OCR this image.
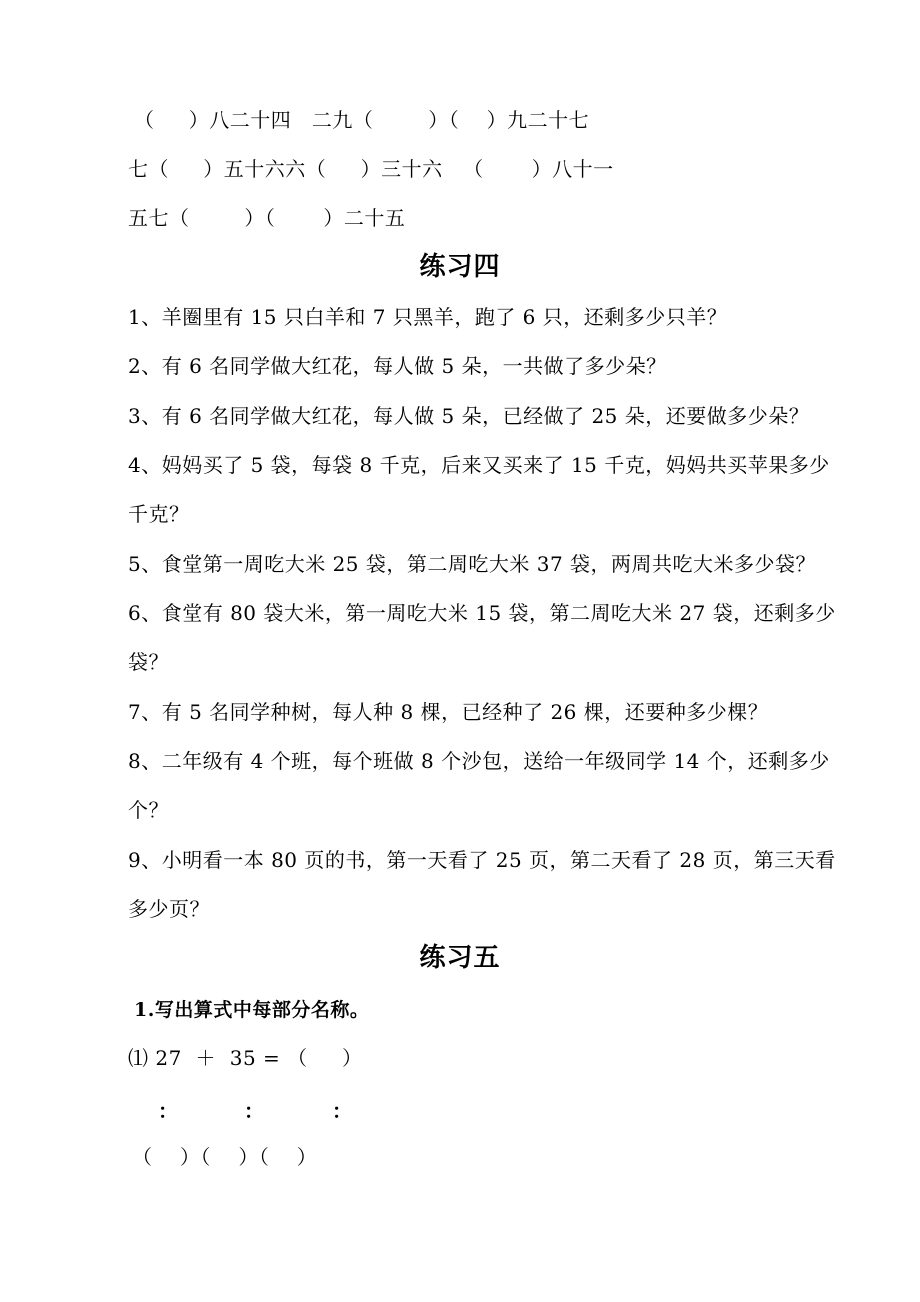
（     ）八二十四   二九（        ）（    ）九二十七
七（     ）五十六六（     ）三十六   （       ）八十一
五七（        ）（       ）二十五
练习四
1、羊圈里有 15 只白羊和 7 只黑羊，跑了 6 只，还剩多少只羊？
2、有 6 名同学做大红花，每人做 5 朵，一共做了多少朵？
3、有 6 名同学做大红花，每人做 5 朵，已经做了 25 朵，还要做多少朵？
4、妈妈买了 5 袋，每袋 8 千克，后来又买来了 15 千克，妈妈共买苹果多少
千克？
5、食堂第一周吃大米 25 袋，第二周吃大米 37 袋，两周共吃大米多少袋？
6、食堂有 80 袋大米，第一周吃大米 15 袋，第二周吃大米 27 袋，还剩多少
袋？
7、有 5 名同学种树，每人种 8 棵，已经种了 26 棵，还要种多少棵？
8、二年级有 4 个班，每个班做 8 个沙包，送给一年级同学 14 个，还剩多少
个？
9、小明看一本 80 页的书，第一天看了 25 页，第二天看了 28 页，第三天看
多少页？
练习五
1.写出算式中每部分名称。
⑴ 27  ＋  35 = （     ）
：	：	：
（    ）（    ）（    ）
